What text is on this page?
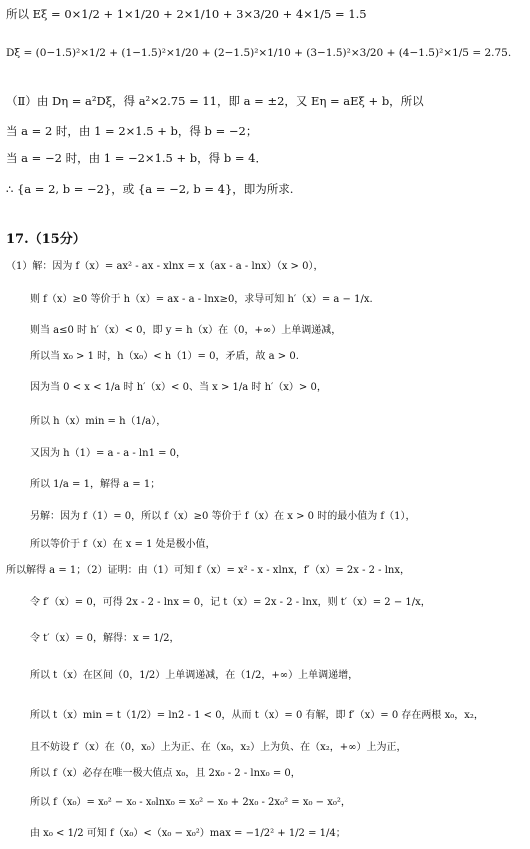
所以 Eξ = 0×1/2 + 1×1/20 + 2×1/10 + 3×3/20 + 4×1/5 = 1.5
Dξ = (0−1.5)²×1/2 + (1−1.5)²×1/20 + (2−1.5)²×1/10 + (3−1.5)²×3/20 + (4−1.5)²×1/5 = 2.75.
（Ⅱ）由 Dη = a²Dξ，得 a²×2.75 = 11，即 a = ±2，又 Eη = aEξ + b，所以
当 a = 2 时，由 1 = 2×1.5 + b，得 b = −2；
当 a = −2 时，由 1 = −2×1.5 + b，得 b = 4．
∴ {a = 2, b = −2}，或 {a = −2, b = 4}，即为所求.
17.（15分）
（1）解：因为 f（x）= ax² - ax - xlnx = x（ax - a - lnx）（x > 0），
则 f（x）≥0 等价于 h（x）= ax - a - lnx≥0，求导可知 h′（x）= a − 1/x.
则当 a≤0 时 h′（x）< 0，即 y = h（x）在（0，+∞）上单调递减，
所以当 x₀ > 1 时，h（x₀）< h（1）= 0，矛盾，故 a > 0.
因为当 0 < x < 1/a 时 h′（x）< 0、当 x > 1/a 时 h′（x）> 0，
所以 h（x）min = h（1/a），
又因为 h（1）= a - a - ln1 = 0，
所以 1/a = 1，解得 a = 1；
另解：因为 f（1）= 0，所以 f（x）≥0 等价于 f（x）在 x > 0 时的最小值为 f（1），
所以等价于 f（x）在 x = 1 处是极小值，
所以解得 a = 1；（2）证明：由（1）可知 f（x）= x² - x - xlnx，f′（x）= 2x - 2 - lnx，
令 f′（x）= 0，可得 2x - 2 - lnx = 0，记 t（x）= 2x - 2 - lnx，则 t′（x）= 2 − 1/x，
令 t′（x）= 0，解得：x = 1/2，
所以 t（x）在区间（0，1/2）上单调递减，在（1/2，+∞）上单调递增，
所以 t（x）min = t（1/2）= ln2 - 1 < 0，从而 t（x）= 0 有解，即 f′（x）= 0 存在两根 x₀，x₂，
且不妨设 f′（x）在（0，x₀）上为正、在（x₀，x₂）上为负、在（x₂，+∞）上为正，
所以 f（x）必存在唯一极大值点 x₀，且 2x₀ - 2 - lnx₀ = 0，
所以 f（x₀）= x₀² − x₀ - x₀lnx₀ = x₀² − x₀ + 2x₀ - 2x₀² = x₀ − x₀²，
由 x₀ < 1/2 可知 f（x₀）<（x₀ − x₀²）max = −1/2² + 1/2 = 1/4；
